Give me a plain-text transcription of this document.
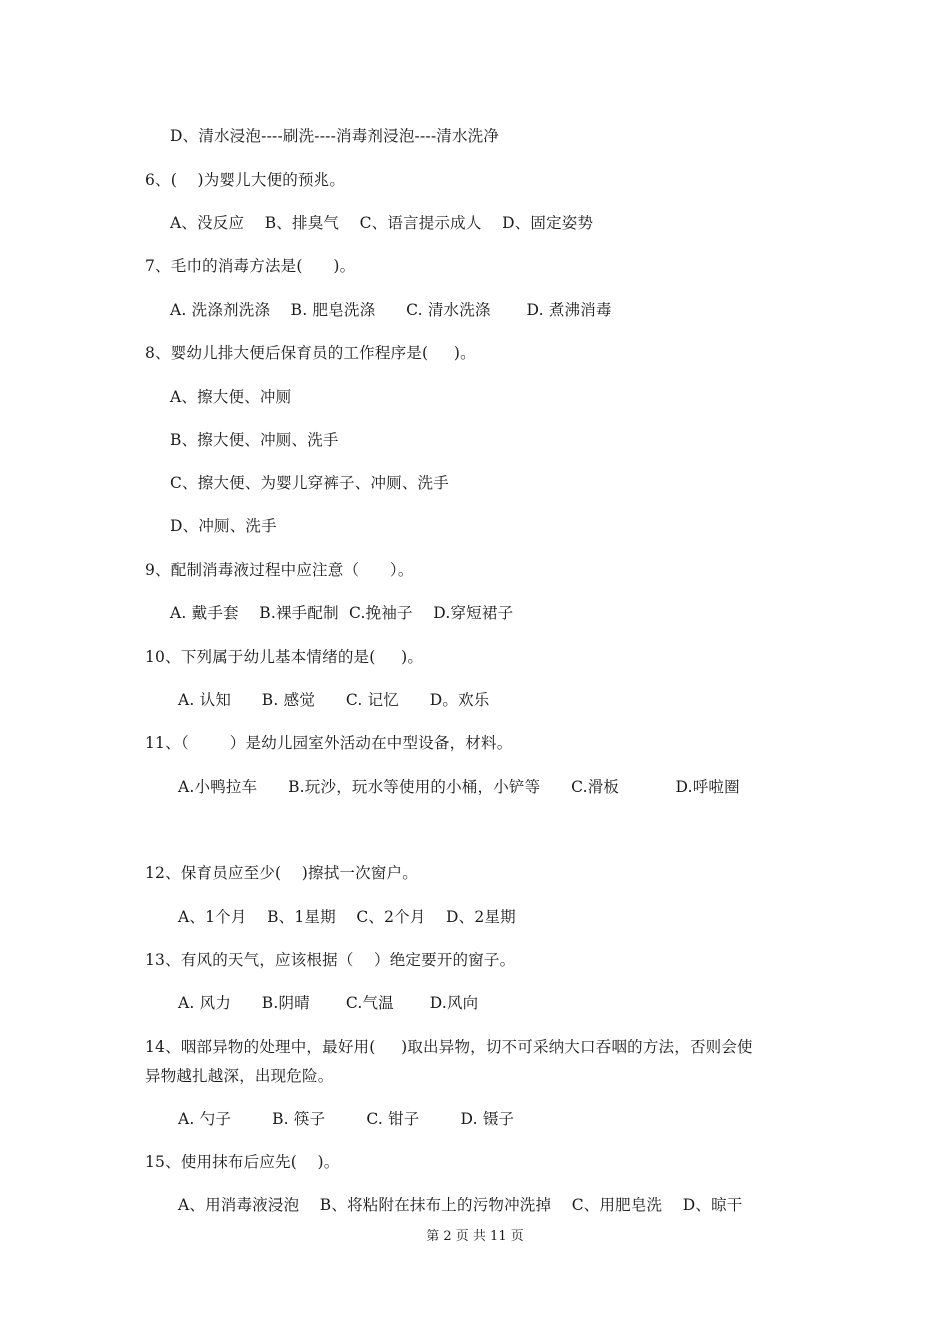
D、清水浸泡----刷洗----消毒剂浸泡----清水洗净
6、(    )为婴儿大便的预兆。
A、没反应    B、排臭气    C、语言提示成人    D、固定姿势
7、毛巾的消毒方法是(      )。
A. 洗涤剂洗涤    B. 肥皂洗涤      C. 清水洗涤       D. 煮沸消毒
8、婴幼儿排大便后保育员的工作程序是(     )。
A、擦大便、冲厕
B、擦大便、冲厕、洗手
C、擦大便、为婴儿穿裤子、冲厕、洗手
D、冲厕、洗手
9、配制消毒液过程中应注意（      ）。
A. 戴手套    B.裸手配制  C.挽袖子    D.穿短裙子
10、下列属于幼儿基本情绪的是(     )。
A. 认知      B. 感觉      C. 记忆      D。欢乐
11、（        ）是幼儿园室外活动在中型设备，材料。
A.小鸭拉车      B.玩沙，玩水等使用的小桶，小铲等      C.滑板           D.呼啦圈
12、保育员应至少(    )擦拭一次窗户。
A、1个月    B、1星期    C、2个月    D、2星期
13、有风的天气，应该根据（    ）绝定要开的窗子。
A. 风力      B.阴晴       C.气温       D.风向
14、咽部异物的处理中，最好用(     )取出异物，切不可采纳大口吞咽的方法，否则会使
异物越扎越深，出现危险。
A. 勺子        B. 筷子        C. 钳子        D. 镊子
15、使用抹布后应先(    )。
A、用消毒液浸泡    B、将粘附在抹布上的污物冲洗掉    C、用肥皂洗    D、晾干
第 2 页 共 11 页
